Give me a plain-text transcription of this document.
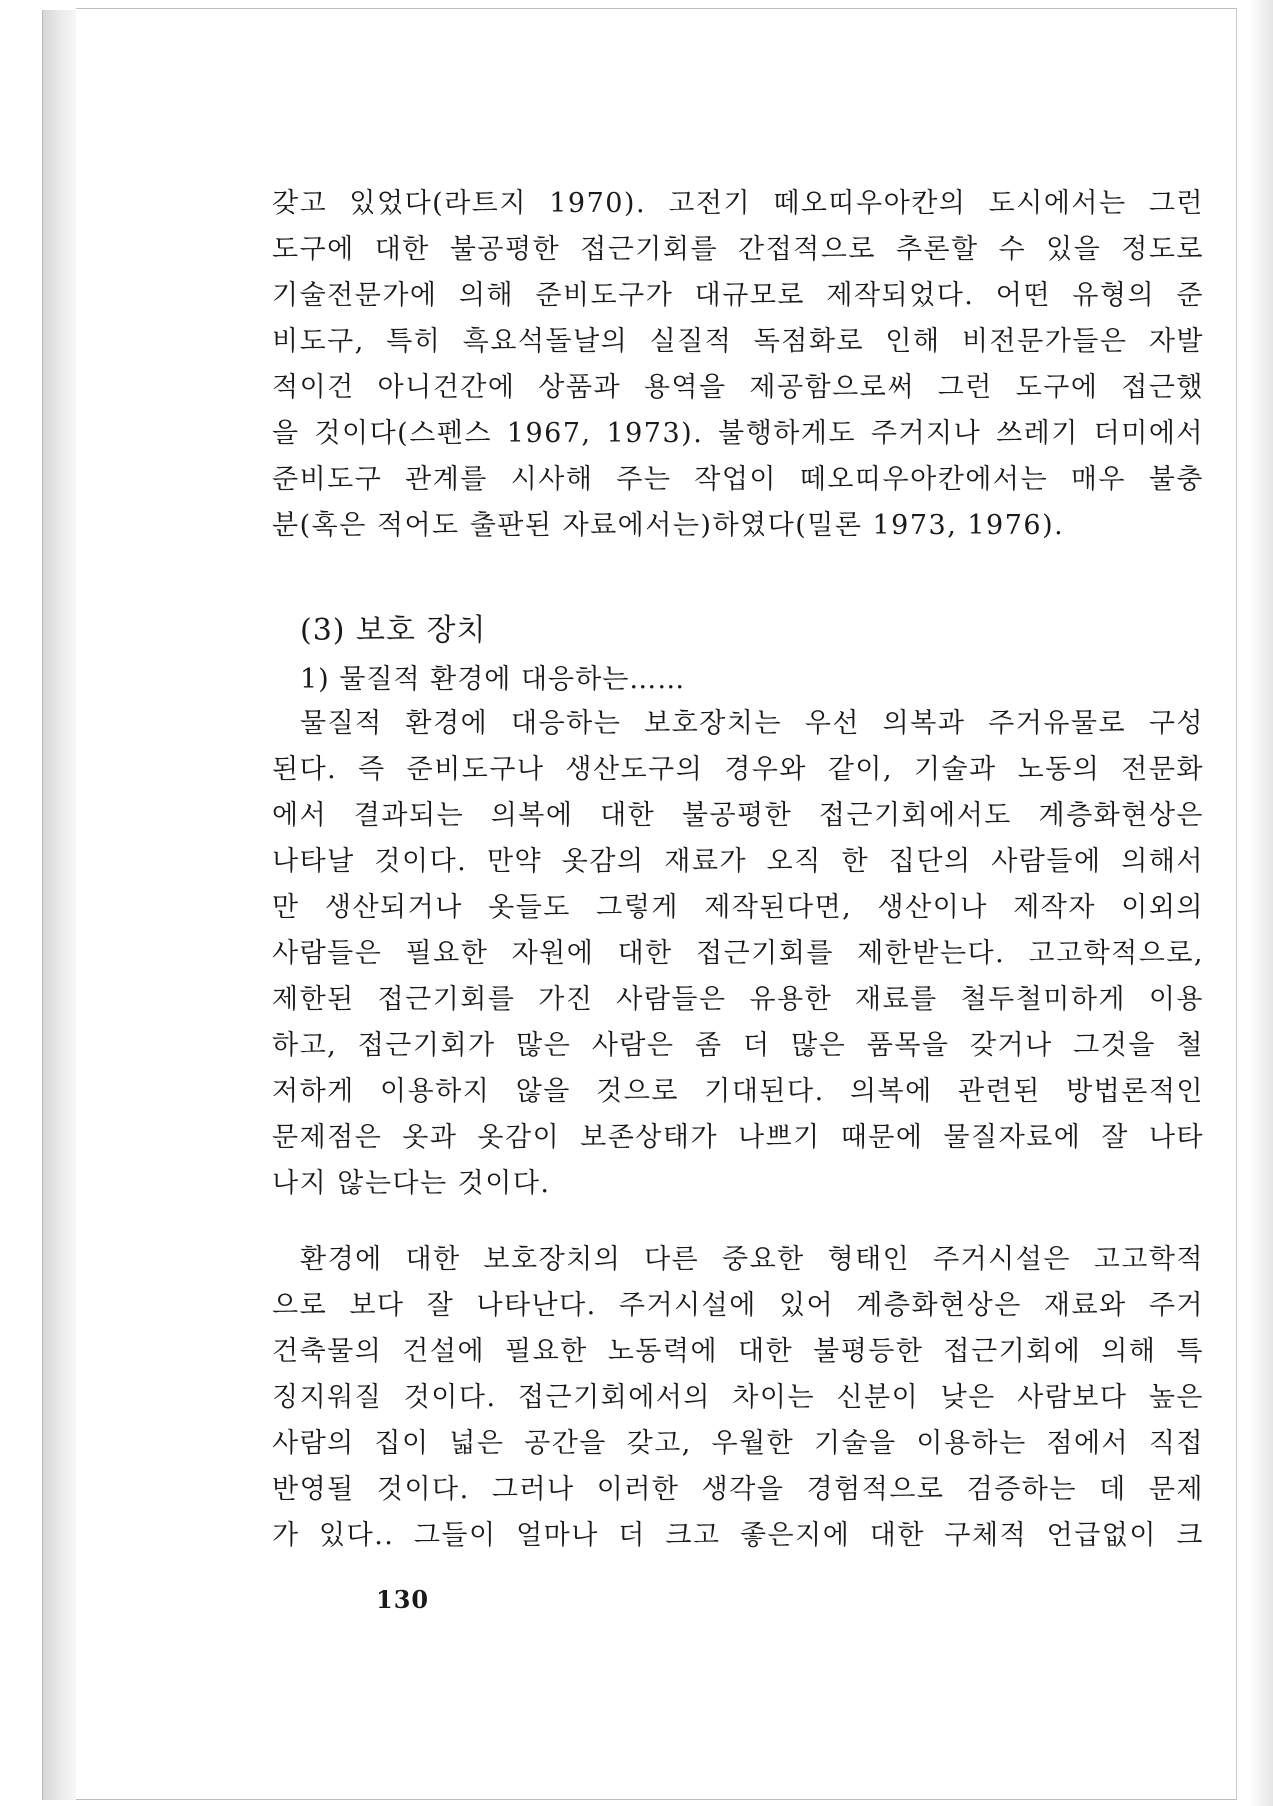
갖고 있었다(라트지 1970). 고전기 떼오띠우아칸의 도시에서는 그런
도구에 대한 불공평한 접근기회를 간접적으로 추론할 수 있을 정도로
기술전문가에 의해 준비도구가 대규모로 제작되었다. 어떤 유형의 준
비도구, 특히 흑요석돌날의 실질적 독점화로 인해 비전문가들은 자발
적이건 아니건간에 상품과 용역을 제공함으로써 그런 도구에 접근했
을 것이다(스펜스 1967, 1973). 불행하게도 주거지나 쓰레기 더미에서
준비도구 관계를 시사해 주는 작업이 떼오띠우아칸에서는 매우 불충
분(혹은 적어도 출판된 자료에서는)하였다(밀론 1973, 1976).
(3) 보호 장치
1) 물질적 환경에 대응하는……
물질적 환경에 대응하는 보호장치는 우선 의복과 주거유물로 구성
된다. 즉 준비도구나 생산도구의 경우와 같이, 기술과 노동의 전문화
에서 결과되는 의복에 대한 불공평한 접근기회에서도 계층화현상은
나타날 것이다. 만약 옷감의 재료가 오직 한 집단의 사람들에 의해서
만 생산되거나 옷들도 그렇게 제작된다면, 생산이나 제작자 이외의
사람들은 필요한 자원에 대한 접근기회를 제한받는다. 고고학적으로,
제한된 접근기회를 가진 사람들은 유용한 재료를 철두철미하게 이용
하고, 접근기회가 많은 사람은 좀 더 많은 품목을 갖거나 그것을 철
저하게 이용하지 않을 것으로 기대된다. 의복에 관련된 방법론적인
문제점은 옷과 옷감이 보존상태가 나쁘기 때문에 물질자료에 잘 나타
나지 않는다는 것이다.
환경에 대한 보호장치의 다른 중요한 형태인 주거시설은 고고학적
으로 보다 잘 나타난다. 주거시설에 있어 계층화현상은 재료와 주거
건축물의 건설에 필요한 노동력에 대한 불평등한 접근기회에 의해 특
징지워질 것이다. 접근기회에서의 차이는 신분이 낮은 사람보다 높은
사람의 집이 넓은 공간을 갖고, 우월한 기술을 이용하는 점에서 직접
반영될 것이다. 그러나 이러한 생각을 경험적으로 검증하는 데 문제
가 있다.. 그들이 얼마나 더 크고 좋은지에 대한 구체적 언급없이 크
130
